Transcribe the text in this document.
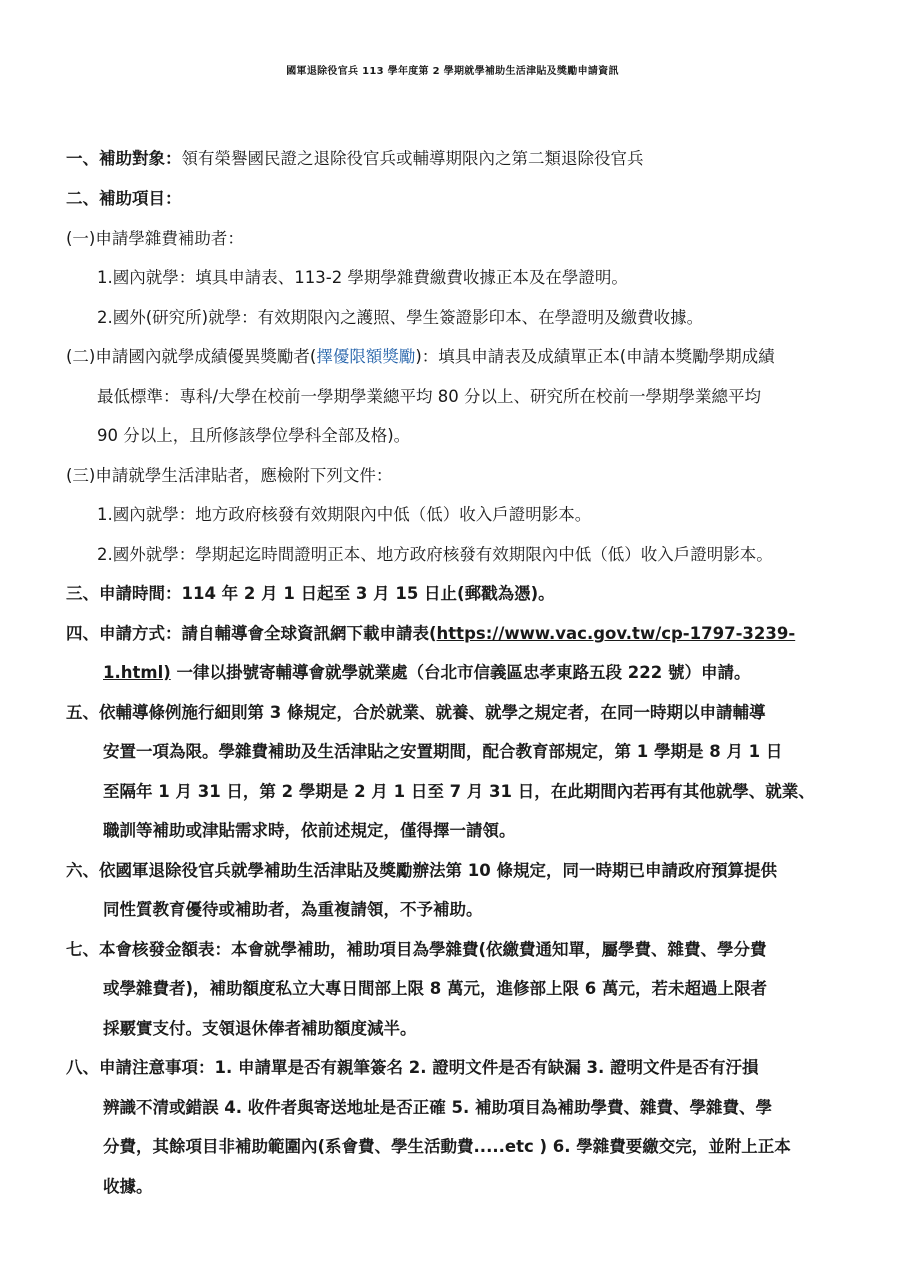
國軍退除役官兵 113 學年度第 2 學期就學補助生活津貼及獎勵申請資訊
一、補助對象：領有榮譽國民證之退除役官兵或輔導期限內之第二類退除役官兵
二、補助項目：
(一)申請學雜費補助者：
1.國內就學：填具申請表、113-2 學期學雜費繳費收據正本及在學證明。
2.國外(研究所)就學：有效期限內之護照、學生簽證影印本、在學證明及繳費收據。
(二)申請國內就學成績優異獎勵者(擇優限額獎勵)：填具申請表及成績單正本(申請本獎勵學期成績
最低標準：專科/大學在校前一學期學業總平均 80 分以上、研究所在校前一學期學業總平均
90 分以上，且所修該學位學科全部及格)。
(三)申請就學生活津貼者，應檢附下列文件：
1.國內就學：地方政府核發有效期限內中低（低）收入戶證明影本。
2.國外就學：學期起迄時間證明正本、地方政府核發有效期限內中低（低）收入戶證明影本。
三、申請時間：114 年 2 月 1 日起至 3 月 15 日止(郵戳為憑)。
四、申請方式：請自輔導會全球資訊網下載申請表(https://www.vac.gov.tw/cp-1797-3239-
1.html) 一律以掛號寄輔導會就學就業處（台北市信義區忠孝東路五段 222 號）申請。
五、依輔導條例施行細則第 3 條規定，合於就業、就養、就學之規定者，在同一時期以申請輔導
安置一項為限。學雜費補助及生活津貼之安置期間，配合教育部規定，第 1 學期是 8 月 1 日
至隔年 1 月 31 日，第 2 學期是 2 月 1 日至 7 月 31 日，在此期間內若再有其他就學、就業、
職訓等補助或津貼需求時，依前述規定，僅得擇一請領。
六、依國軍退除役官兵就學補助生活津貼及獎勵辦法第 10 條規定，同一時期已申請政府預算提供
同性質教育優待或補助者，為重複請領，不予補助。
七、本會核發金額表：本會就學補助，補助項目為學雜費(依繳費通知單，屬學費、雜費、學分費
或學雜費者)，補助額度私立大專日間部上限 8 萬元，進修部上限 6 萬元，若未超過上限者
採覈實支付。支領退休俸者補助額度減半。
八、申請注意事項：1. 申請單是否有親筆簽名 2. 證明文件是否有缺漏 3. 證明文件是否有汙損
辨識不清或錯誤 4. 收件者與寄送地址是否正確 5. 補助項目為補助學費、雜費、學雜費、學
分費，其餘項目非補助範圍內(系會費、學生活動費.....etc ) 6. 學雜費要繳交完，並附上正本
收據。
